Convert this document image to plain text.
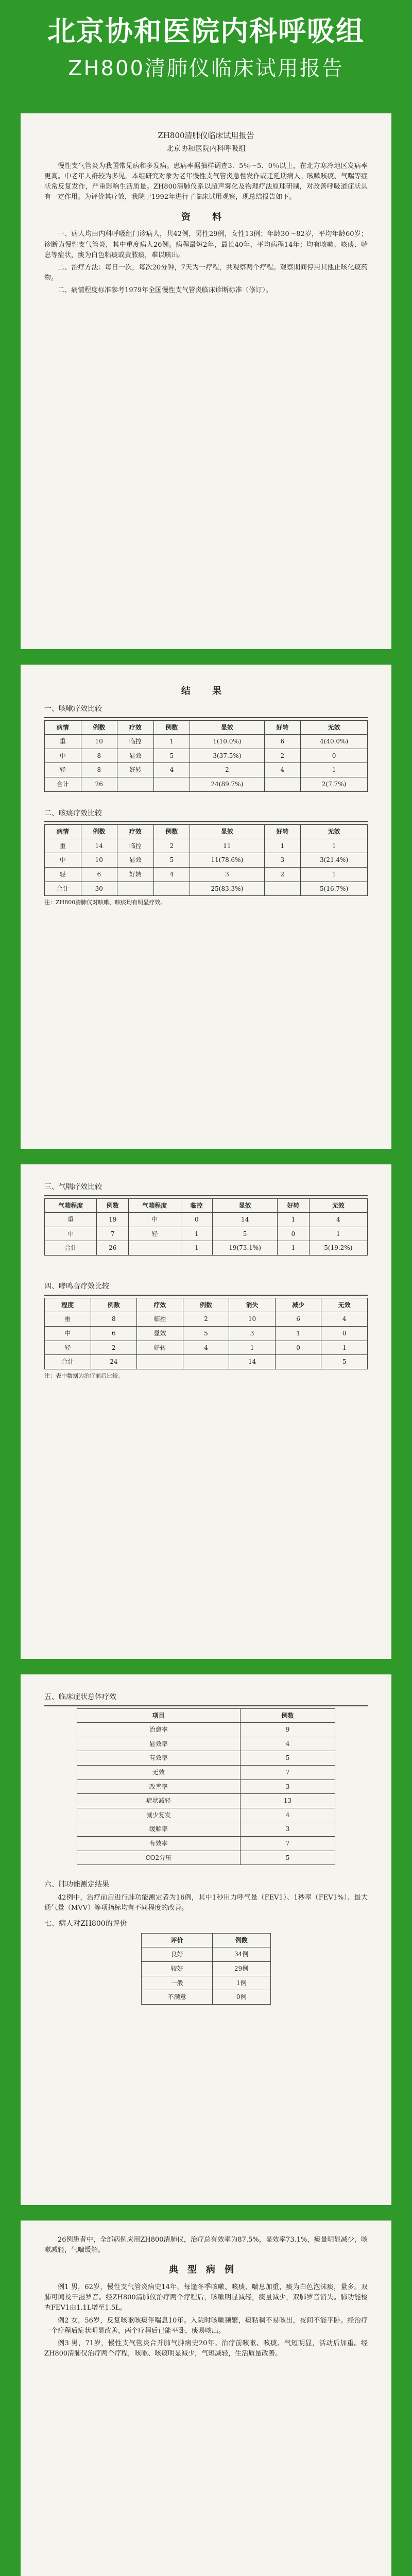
北京协和医院内科呼吸组
ZH800清肺仪临床试用报告
ZH800清肺仪临床试用报告
北京协和医院内科呼吸组

慢性支气管炎为我国常见病和多发病。患病率据抽样调查3．5％～5．0％以上，在北方寒冷地区发病率更高。中老年人群较为多见。本组研究对象为老年慢性支气管炎急性发作或迁延期病人。咳嗽咳痰、气喘等症状常反复发作，严重影响生活质量。ZH800清肺仪系以超声雾化及物理疗法原理研制，对改善呼吸道症状具有一定作用。为评价其疗效，我院于1992年进行了临床试用观察，现总结报告如下。

资 料

一、病人均由内科呼吸组门诊病人，共42例，男性29例，女性13例；年龄30～82岁，平均年龄60岁；诊断为慢性支气管炎，其中重度病人26例。病程最短2年，最长40年，平均病程14年；均有咳嗽、咳痰、喘息等症状，痰为白色粘痰或黄脓痰，难以咳出。

二、治疗方法：每日一次，每次20分钟，7天为一疗程，共观察两个疗程。观察期间停用其他止咳化痰药物。

二、病情程度标准参考1979年全国慢性支气管炎临床诊断标准（修订）。

结 果
一、咳嗽疗效比较
病情	例数	疗效	例数	显效	好转	无效
重	10	临控	1	1(10.0%)	6	4(40.0%)
中	8	显效	5	3(37.5%)	2	0
轻	8	好转	4	2	4	1
合计	26			24(89.7%)		2(7.7%)
二、咳痰疗效比较
病情	例数	疗效	例数	显效	好转	无效
重	14	临控	2	11	1	1
中	10	显效	5	11(78.6%)	3	3(21.4%)
轻	6	好转	4	3	2	1
合计	30			25(83.3%)		5(16.7%)
注：ZH800清肺仪对咳嗽、咳痰均有明显疗效。
三、气喘疗效比较
气喘程度	例数	气喘程度	临控	显效	好转	无效
重	19	中	0	14	1	4
中	7	轻	1	5	0	1
合计	26		1	19(73.1%)	1	5(19.2%)
四、哮鸣音疗效比较
程度	例数	疗效	例数	消失	减少	无效
重	8	临控	2	10	6	4
中	6	显效	5	3	1	0
轻	2	好转	4	1	0	1
合计	24			14		5
注：表中数据为治疗前后比较。
五、临床症状总体疗效
项目	例数
治愈率	9
显效率	4
有效率	5
无效	7
改善率	3
症状减轻	13
减少复发	4
缓解率	3
有效率	7
CO2分压	5
六、肺功能测定结果

42例中，治疗前后进行肺功能测定者为16例，其中1秒用力呼气量（FEV1）、1秒率（FEV1%）、最大通气量（MVV）等项指标均有不同程度的改善。

七、病人对ZH800的评价
评价	例数
良好	34例
较好	29例
一般	1例
不满意	0例

26例患者中，全部病例应用ZH800清肺仪，治疗总有效率为87.5%，显效率73.1%，痰量明显减少，咳嗽减轻，气喘缓解。

典型病例

例1 男，62岁，慢性支气管炎病史14年，每逢冬季咳嗽、咳痰、喘息加重，痰为白色泡沫痰，量多。双肺可闻及干湿罗音。经ZH800清肺仪治疗两个疗程后，咳嗽明显减轻，痰量减少，双肺罗音消失。肺功能检查FEV1由1.1L增至1.5L。

例2 女，56岁，反复咳嗽咳痰伴喘息10年。入院时咳嗽频繁，痰粘稠不易咳出，夜间不能平卧。经治疗一个疗程后症状明显改善，两个疗程后已能平卧，痰易咳出。

例3 男，71岁，慢性支气管炎合并肺气肿病史20年。治疗前咳嗽、咳痰、气短明显，活动后加重。经ZH800清肺仪治疗两个疗程，咳嗽、咳痰明显减少，气短减轻，生活质量改善。
